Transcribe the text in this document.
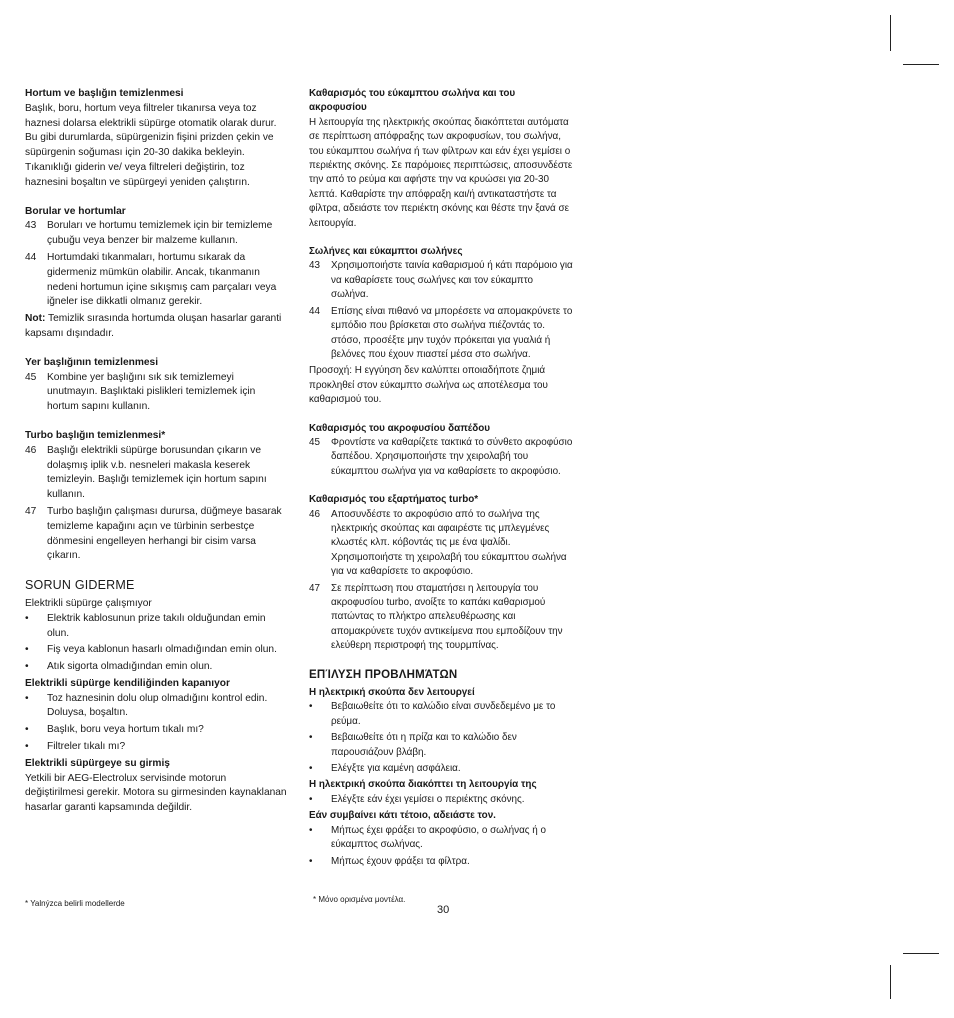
Hortum ve başlığın temizlenmesi

Başlık, boru, hortum veya filtreler tıkanırsa veya toz haznesi dolarsa elektrikli süpürge otomatik olarak durur. Bu gibi durumlarda, süpürgenizin fişini prizden çekin ve süpürgenin soğuması için 20-30 dakika bekleyin. Tıkanıklığı giderin ve/ veya filtreleri değiştirin, toz haznesini boşaltın ve süpürgeyi yeniden çalıştırın.

Borular ve hortumlar

43	Boruları ve hortumu temizlemek için bir temizleme çubuğu veya benzer bir malzeme kullanın.
44	Hortumdaki tıkanmaları, hortumu sıkarak da gidermeniz mümkün olabilir. Ancak, tıkanmanın nedeni hortumun içine sıkışmış cam parçaları veya iğneler ise dikkatli olmanız gerekir.

Not: Temizlik sırasında hortumda oluşan hasarlar garanti kapsamı dışındadır.

Yer başlığının temizlenmesi

45	Kombine yer başlığını sık sık temizlemeyi unutmayın. Başlıktaki pislikleri temizlemek için hortum sapını kullanın.

Turbo başlığın temizlenmesi*

46	Başlığı elektrikli süpürge borusundan çıkarın ve dolaşmış iplik v.b. nesneleri makasla keserek temizleyin. Başlığı temizlemek için hortum sapını kullanın.
47	Turbo başlığın çalışması durursa, düğmeye basarak temizleme kapağını açın ve türbinin serbestçe dönmesini engelleyen herhangi bir cisim varsa çıkarın.

SORUN GIDERME

Elektrikli süpürge çalışmıyor

•	Elektrik kablosunun prize takılı olduğundan emin olun.
•	Fiş veya kablonun hasarlı olmadığından emin olun.
•	Atık sigorta olmadığından emin olun.

Elektrikli süpürge kendiliğinden kapanıyor

•	Toz haznesinin dolu olup olmadığını kontrol edin. Doluysa, boşaltın.
•	Başlık, boru veya hortum tıkalı mı?
•	Filtreler tıkalı mı?

Elektrikli süpürgeye su girmiş

Yetkili bir AEG-Electrolux servisinde motorun değiştirilmesi gerekir. Motora su girmesinden kaynaklanan hasarlar garanti kapsamında değildir.

* Yalnýzca belirli modellerde

Καθαρισμός του εύκαμπτου σωλήνα και του ακροφυσίου

Η λειτουργία της ηλεκτρικής σκούπας διακόπτεται αυτόματα σε περίπτωση απόφραξης των ακροφυσίων, του σωλήνα, του εύκαμπτου σωλήνα ή των φίλτρων και εάν έχει γεμίσει ο περιέκτης σκόνης. Σε παρόμοιες περιπτώσεις, αποσυνδέστε την από το ρεύμα και αφήστε την να κρυώσει για 20-30 λεπτά. Καθαρίστε την απόφραξη και/ή αντικαταστήστε τα φίλτρα, αδειάστε τον περιέκτη σκόνης και θέστε την ξανά σε λειτουργία.

Σωλήνες και εύκαμπτοι σωλήνες

43	Χρησιμοποιήστε ταινία καθαρισμού ή κάτι παρόμοιο για να καθαρίσετε τους σωλήνες και τον εύκαμπτο σωλήνα.
44	Επίσης είναι πιθανό να μπορέσετε να απομακρύνετε το εμπόδιο που βρίσκεται στο σωλήνα πιέζοντάς το. στόσο, προσέξτε μην τυχόν πρόκειται για γυαλιά ή βελόνες που έχουν πιαστεί μέσα στο σωλήνα.

Προσοχή: Η εγγύηση δεν καλύπτει οποιαδήποτε ζημιά προκληθεί στον εύκαμπτο σωλήνα ως αποτέλεσμα του καθαρισμού του.

Καθαρισμός του ακροφυσίου δαπέδου

45	Φροντίστε να καθαρίζετε τακτικά το σύνθετο ακροφύσιο δαπέδου. Χρησιμοποιήστε την χειρολαβή του εύκαμπτου σωλήνα για να καθαρίσετε το ακροφύσιο.

Καθαρισμός του εξαρτήματος turbo*

46	Αποσυνδέστε το ακροφύσιο από το σωλήνα της ηλεκτρικής σκούπας και αφαιρέστε τις μπλεγμένες κλωστές κλπ. κόβοντάς τις με ένα ψαλίδι. Χρησιμοποιήστε τη χειρολαβή του εύκαμπτου σωλήνα για να καθαρίσετε το ακροφύσιο.
47	Σε περίπτωση που σταματήσει η λειτουργία του ακροφυσίου turbo, ανοίξτε το καπάκι καθαρισμού πατώντας το πλήκτρο απελευθέρωσης και απομακρύνετε τυχόν αντικείμενα που εμποδίζουν την ελεύθερη περιστροφή της τουρμπίνας.

ΕΠΊΛΥΣΗ ΠΡΟΒΛΗΜΆΤΩΝ

Η ηλεκτρική σκούπα δεν λειτουργεί

•	Βεβαιωθείτε ότι το καλώδιο είναι συνδεδεμένο με το ρεύμα.
•	Βεβαιωθείτε ότι η πρίζα και το καλώδιο δεν παρουσιάζουν βλάβη.
•	Ελέγξτε για καμένη ασφάλεια.

Η ηλεκτρική σκούπα διακόπτει τη λειτουργία της

•	Ελέγξτε εάν έχει γεμίσει ο περιέκτης σκόνης.

Εάν συμβαίνει κάτι τέτοιο, αδειάστε τον.

•	Μήπως έχει φράξει το ακροφύσιο, ο σωλήνας ή ο εύκαμπτος σωλήνας.
•	Μήπως έχουν φράξει τα φίλτρα.
* Μόνο ορισμένα μοντέλα.
30
